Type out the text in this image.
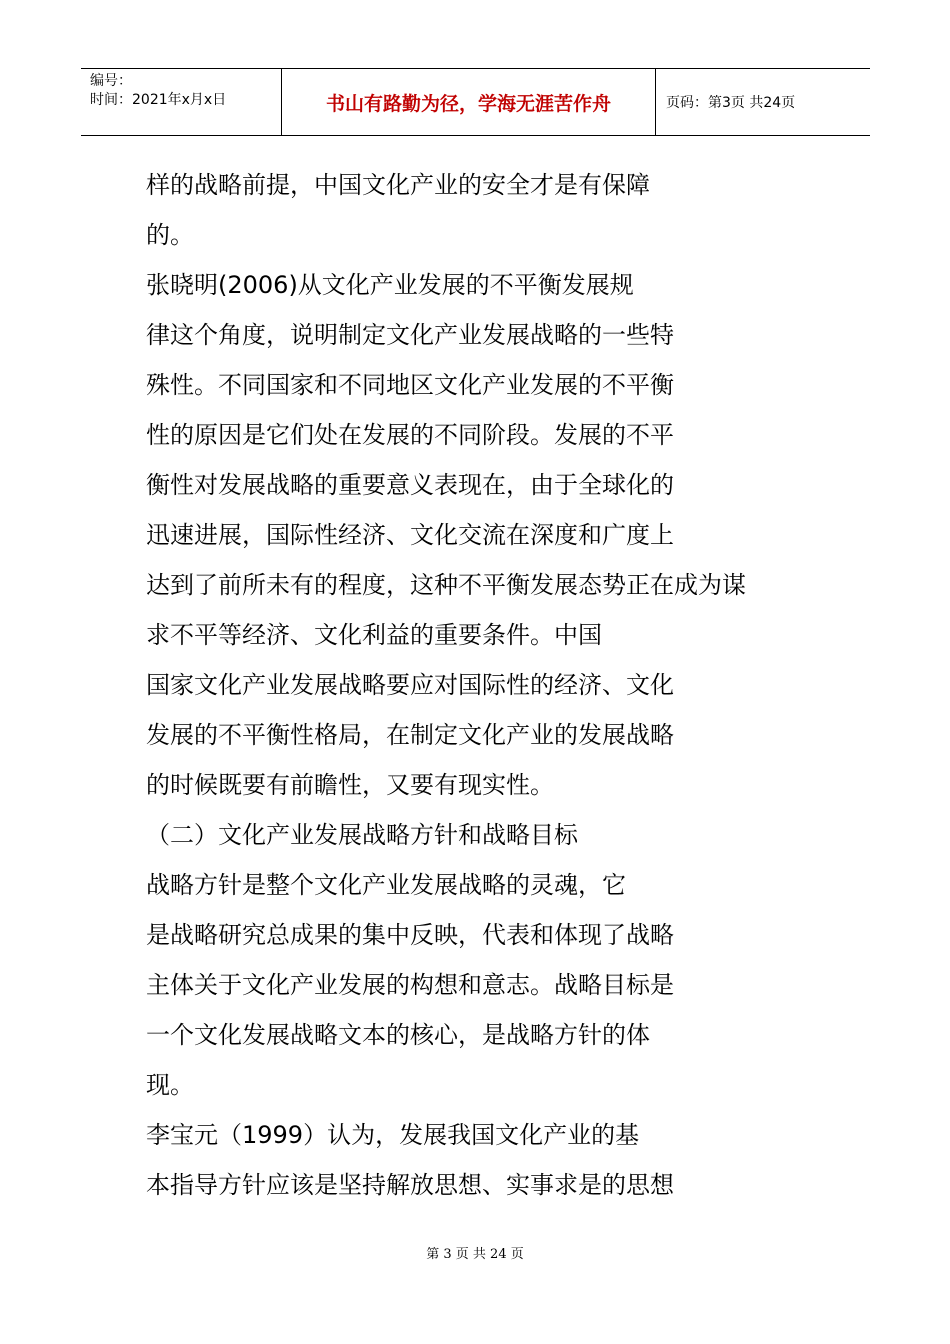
编号：
时间：2021年x月x日	书山有路勤为径，学海无涯苦作舟	页码：第3页 共24页
样的战略前提，中国文化产业的安全才是有保障
的。
张晓明(2006)从文化产业发展的不平衡发展规
律这个角度，说明制定文化产业发展战略的一些特
殊性。不同国家和不同地区文化产业发展的不平衡
性的原因是它们处在发展的不同阶段。发展的不平
衡性对发展战略的重要意义表现在，由于全球化的
迅速进展，国际性经济、文化交流在深度和广度上
达到了前所未有的程度，这种不平衡发展态势正在成为谋
求不平等经济、文化利益的重要条件。中国
国家文化产业发展战略要应对国际性的经济、文化
发展的不平衡性格局，在制定文化产业的发展战略
的时候既要有前瞻性，又要有现实性。
（二）文化产业发展战略方针和战略目标
战略方针是整个文化产业发展战略的灵魂，它
是战略研究总成果的集中反映，代表和体现了战略
主体关于文化产业发展的构想和意志。战略目标是
一个文化发展战略文本的核心，是战略方针的体
现。
李宝元（1999）认为，发展我国文化产业的基
本指导方针应该是坚持解放思想、实事求是的思想
第 3 页 共 24 页
